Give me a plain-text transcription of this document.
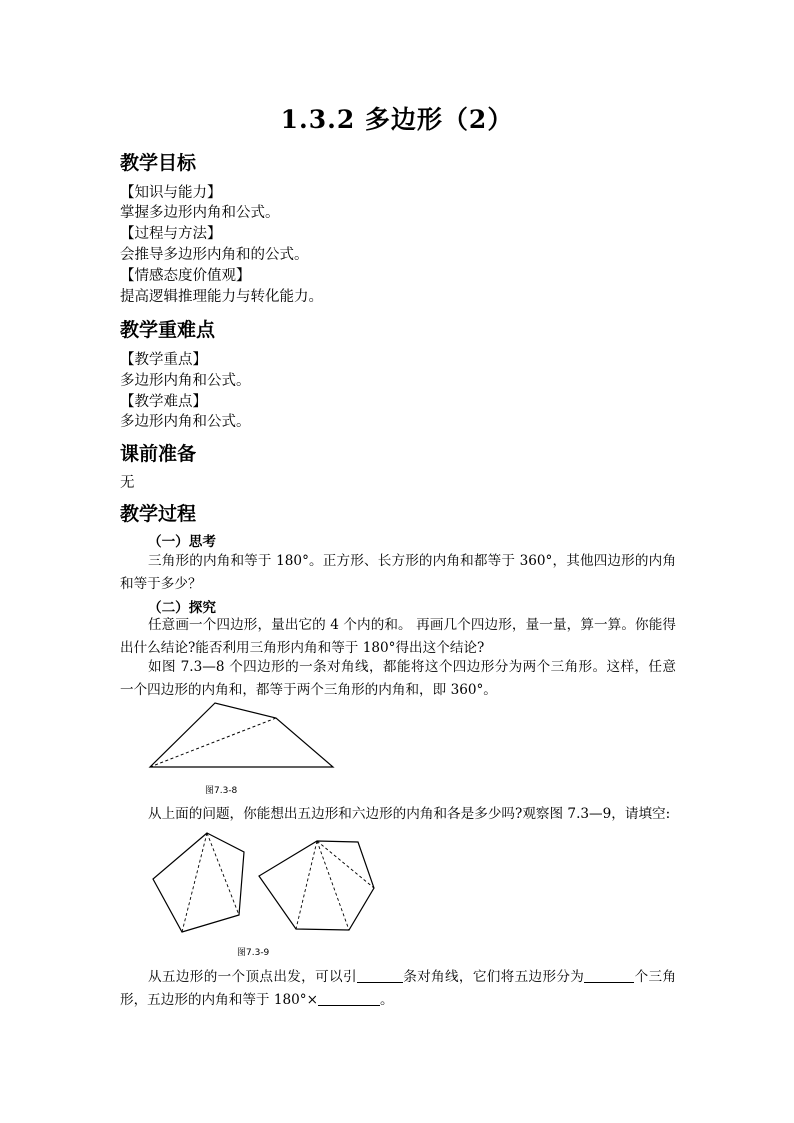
1.3.2 多边形（2）
教学目标
【知识与能力】
掌握多边形内角和公式。
【过程与方法】
会推导多边形内角和的公式。
【情感态度价值观】
提高逻辑推理能力与转化能力。
教学重难点
【教学重点】
多边形内角和公式。
【教学难点】
多边形内角和公式。
课前准备
无
教学过程
（一）思考
三角形的内角和等于 180°。正方形、长方形的内角和都等于 360°，其他四边形的内角和等于多少？
（二）探究
任意画一个四边形，量出它的 4 个内的和。 再画几个四边形，量一量，算一算。你能得出什么结论?能否利用三角形内角和等于 180°得出这个结论?
如图 7.3—8 个四边形的一条对角线，都能将这个四边形分为两个三角形。这样，任意一个四边形的内角和，都等于两个三角形的内角和，即 360°。
图7.3-8
从上面的问题，你能想出五边形和六边形的内角和各是多少吗?观察图 7.3—9，请填空:
图7.3-9
从五边形的一个顶点出发，可以引	条对角线，它们将五边形分为	个三角形，五边形的内角和等于 180°×	。
